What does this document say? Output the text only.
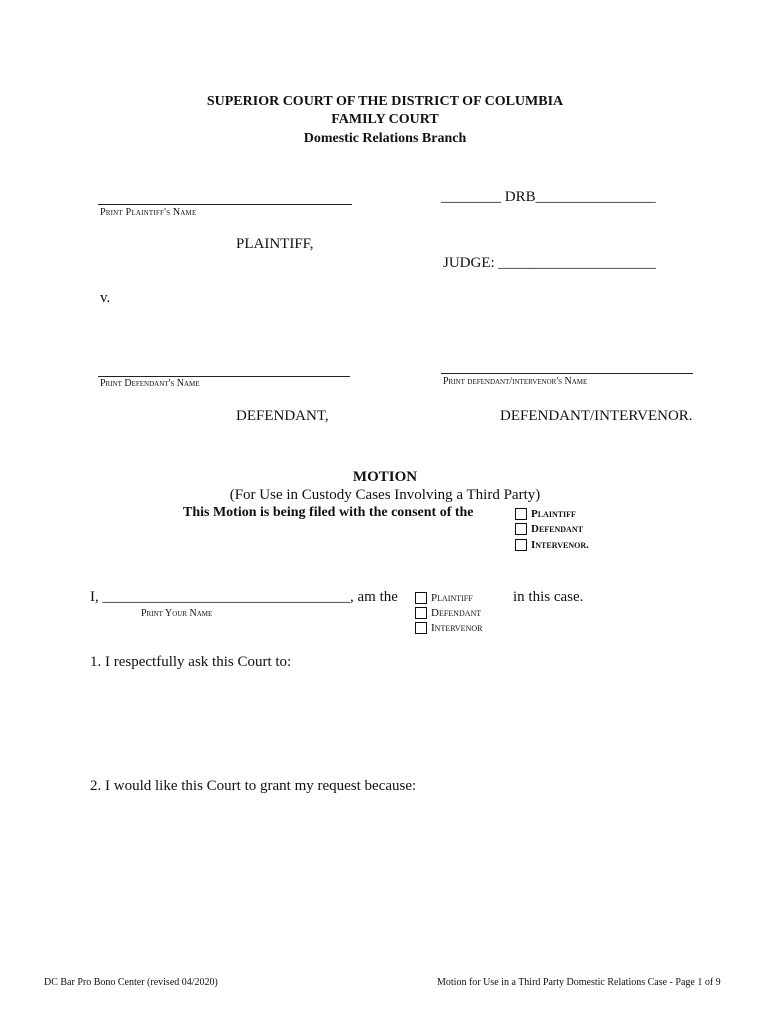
SUPERIOR COURT OF THE DISTRICT OF COLUMBIA
FAMILY COURT
Domestic Relations Branch
Print Plaintiff's Name
PLAINTIFF,
________ DRB________________
JUDGE: _____________________
v.
Print Defendant's Name
DEFENDANT,
Print defendant/intervenor's Name
DEFENDANT/INTERVENOR.
MOTION
(For Use in Custody Cases Involving a Third Party)
This Motion is being filed with the consent of the	Plaintiff
Defendant
Intervenor.
I, _________________________________, am the
Print Your Name
Plaintiff
Defendant
Intervenor
in this case.
1. I respectfully ask this Court to:
2. I would like this Court to grant my request because:
DC Bar Pro Bono Center (revised 04/2020)	Motion for Use in a Third Party Domestic Relations Case - Page 1 of 9
